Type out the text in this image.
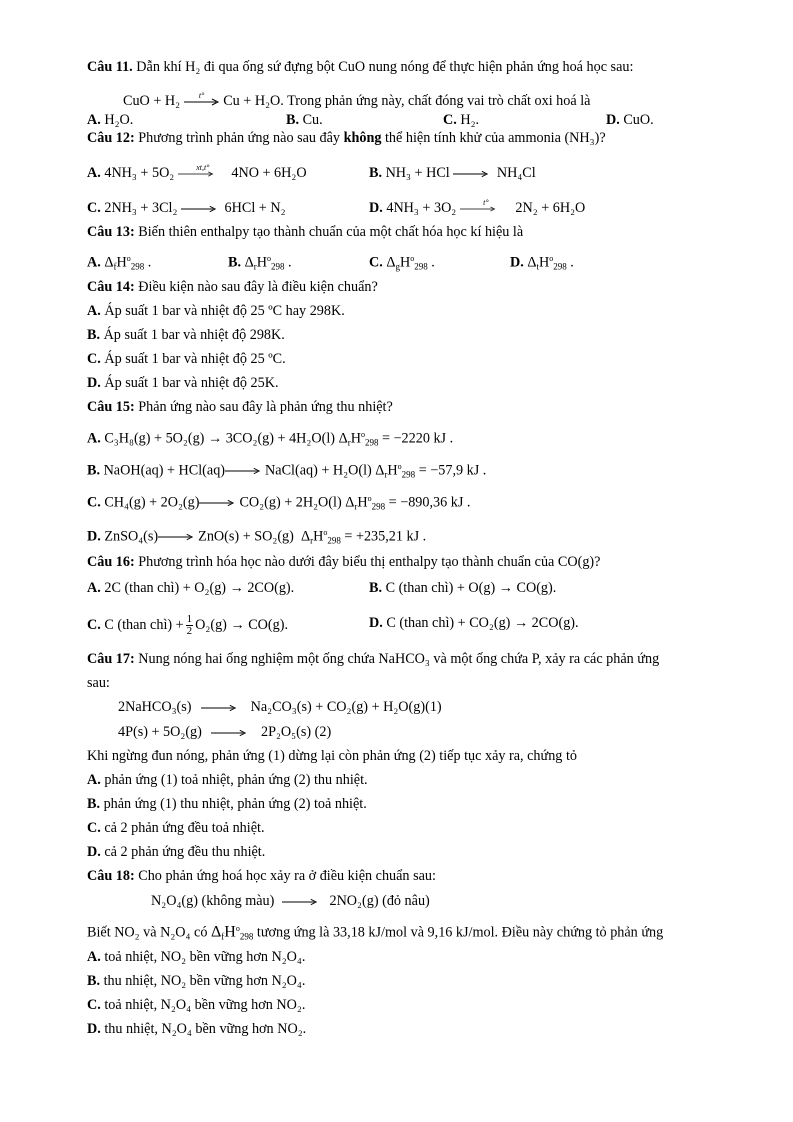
Câu 11. Dẫn khí H₂ đi qua ống sứ đựng bột CuO nung nóng để thực hiện phản ứng hoá học sau:
CuO + H₂	t°	Cu + H₂O. Trong phản ứng này, chất đóng vai trò chất oxi hoá là
A. H₂O.	B. Cu.	C. H₂.	D. CuO.
Câu 12: Phương trình phản ứng nào sau đây không thể hiện tính khử của ammonia (NH₃)?
A. 4NH₃ + 5O₂	xt,t°	4NO + 6H₂O	B. NH₃ + HCl → NH₄Cl
C. 2NH₃ + 3Cl₂ → 6HCl + N₂	D. 4NH₃ + 3O₂	t°	2N₂ + 6H₂O
Câu 13: Biến thiên enthalpy tạo thành chuẩn của một chất hóa học kí hiệu là
A. $\Delta_fH^o_{298}$ .	B. $\Delta_rH^o_{298}$ .	C. $\Delta_gH^o_{298}$ .	D. $\Delta_tH^o_{298}$ .
Câu 14: Điều kiện nào sau đây là điều kiện chuẩn?
A. Áp suất 1 bar và nhiệt độ 25 ºC hay 298K.
B. Áp suất 1 bar và nhiệt độ 298K.
C. Áp suất 1 bar và nhiệt độ 25 ºC.
D. Áp suất 1 bar và nhiệt độ 25K.
Câu 15: Phản ứng nào sau đây là phản ứng thu nhiệt?
A. C₃H₈(g) + 5O₂(g) → 3CO₂(g) + 4H₂O(l) $\Delta_rH^o_{298} = -2220$ kJ .
B. NaOH(aq) + HCl(aq)→NaCl(aq) + H₂O(l) $\Delta_rH^o_{298} = -57,9$ kJ .
C. CH₄(g) + 2O₂(g)→CO₂(g) + 2H₂O(l) $\Delta_rH^o_{298} = -890,36$ kJ .
D. ZnSO₄(s)→ZnO(s) + SO₂(g) $\Delta_rH^o_{298} = +235,21$ kJ .
Câu 16: Phương trình hóa học nào dưới đây biểu thị enthalpy tạo thành chuẩn của CO(g)?
A. 2C (than chì) + O₂(g) → 2CO(g).	B. C (than chì) + O(g) → CO(g).
C. C (than chì) + $\frac{1}{2} O_2(g) \to CO(g)$.	D. C (than chì) + CO₂(g) → 2CO(g).
Câu 17: Nung nóng hai ống nghiệm một ống chứa NaHCO₃ và một ống chứa P, xảy ra các phản ứng
sau:
2NaHCO₃(s) → Na₂CO₃(s) + CO₂(g) + H₂O(g)(1)
4P(s) + 5O₂(g) → 2P₂O₅(s) (2)
Khi ngừng đun nóng, phản ứng (1) dừng lại còn phản ứng (2) tiếp tục xảy ra, chứng tỏ
A. phản ứng (1) toả nhiệt, phản ứng (2) thu nhiệt.
B. phản ứng (1) thu nhiệt, phản ứng (2) toả nhiệt.
C. cả 2 phản ứng đều toả nhiệt.
D. cả 2 phản ứng đều thu nhiệt.
Câu 18: Cho phản ứng hoá học xảy ra ở điều kiện chuẩn sau:
N₂O₄(g) (không màu) → 2NO₂(g) (đỏ nâu)
Biết NO₂ và N₂O₄ có $\Delta_fH^o_{298}$ tương ứng là 33,18 kJ/mol và 9,16 kJ/mol. Điều này chứng tỏ phản ứng
A. toả nhiệt, NO₂ bền vững hơn N₂O₄.
B. thu nhiệt, NO₂ bền vững hơn N₂O₄.
C. toả nhiệt, N₂O₄ bền vững hơn NO₂.
D. thu nhiệt, N₂O₄ bền vững hơn NO₂.
